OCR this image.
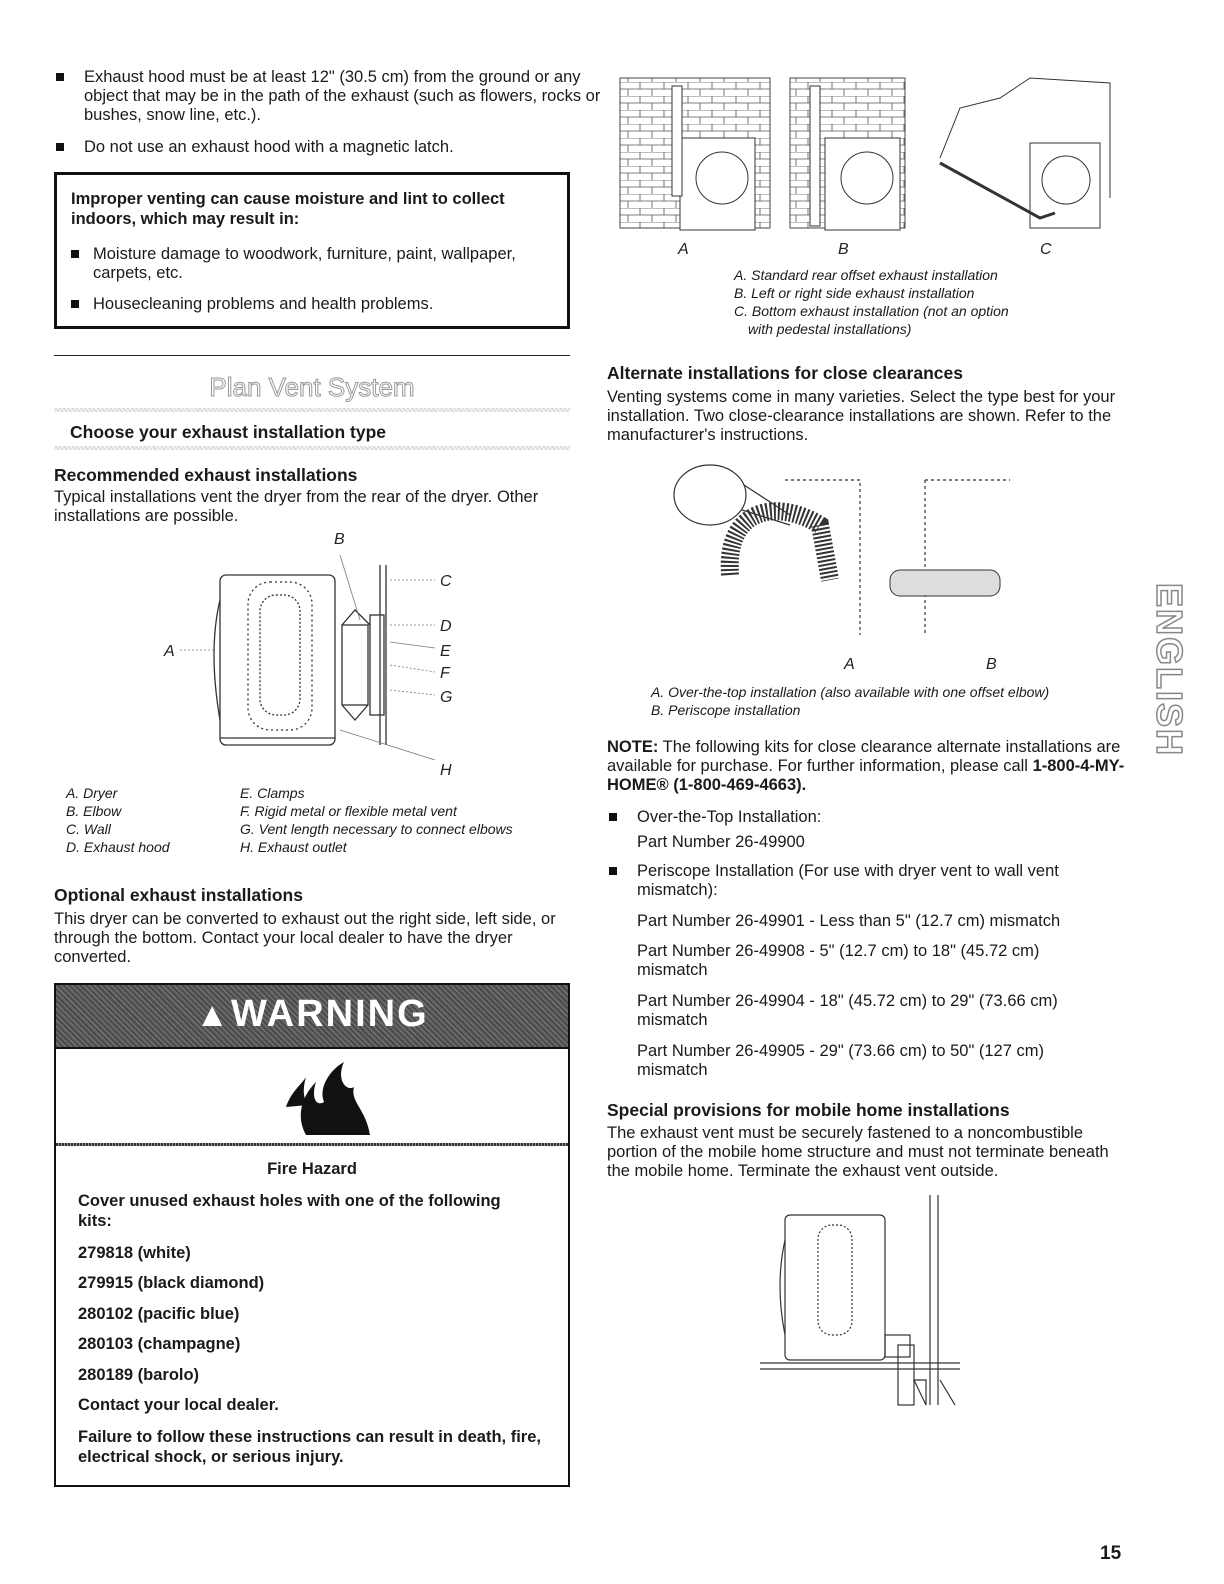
Exhaust hood must be at least 12" (30.5 cm) from the ground or any object that may be in the path of the exhaust (such as flowers, rocks or bushes, snow line, etc.).
Do not use an exhaust hood with a magnetic latch.

Improper venting can cause moisture and lint to collect indoors, which may result in:

Moisture damage to woodwork, furniture, paint, wallpaper, carpets, etc.
Housecleaning problems and health problems.
Plan Vent System
Choose your exhaust installation type
Recommended exhaust installations

Typical installations vent the dryer from the rear of the dryer. Other installations are possible.

B
C
D
E
F
G
H
A
A. Dryer
B. Elbow
C. Wall
D. Exhaust hood
E. Clamps
F. Rigid metal or flexible metal vent
G. Vent length necessary to connect elbows
H. Exhaust outlet
Optional exhaust installations

This dryer can be converted to exhaust out the right side, left side, or through the bottom. Contact your local dealer to have the dryer converted.

▲WARNING
Fire Hazard
Cover unused exhaust holes with one of the following kits:
279818 (white)
279915 (black diamond)
280102 (pacific blue)
280103 (champagne)
280189 (barolo)
Contact your local dealer.
Failure to follow these instructions can result in death, fire, electrical shock, or serious injury.
A	B	C
A. Standard rear offset exhaust installation
B. Left or right side exhaust installation
C. Bottom exhaust installation (not an option
with pedestal installations)
Alternate installations for close clearances

Venting systems come in many varieties. Select the type best for your installation. Two close-clearance installations are shown. Refer to the manufacturer's instructions.

A	B
A. Over-the-top installation (also available with one offset elbow)
B. Periscope installation

NOTE: The following kits for close clearance alternate installations are available for purchase. For further information, please call 1-800-4-MY-HOME® (1-800-469-4663).

Over-the-Top Installation:
Part Number 26-49900
Periscope Installation (For use with dryer vent to wall vent mismatch):
Part Number 26-49901 - Less than 5" (12.7 cm) mismatch
Part Number 26-49908 - 5" (12.7 cm) to 18" (45.72 cm) mismatch
Part Number 26-49904 - 18" (45.72 cm) to 29" (73.66 cm) mismatch
Part Number 26-49905 - 29" (73.66 cm) to 50" (127 cm) mismatch
Special provisions for mobile home installations

The exhaust vent must be securely fastened to a noncombustible portion of the mobile home structure and must not terminate beneath the mobile home. Terminate the exhaust vent outside.

ENGLISH
15
